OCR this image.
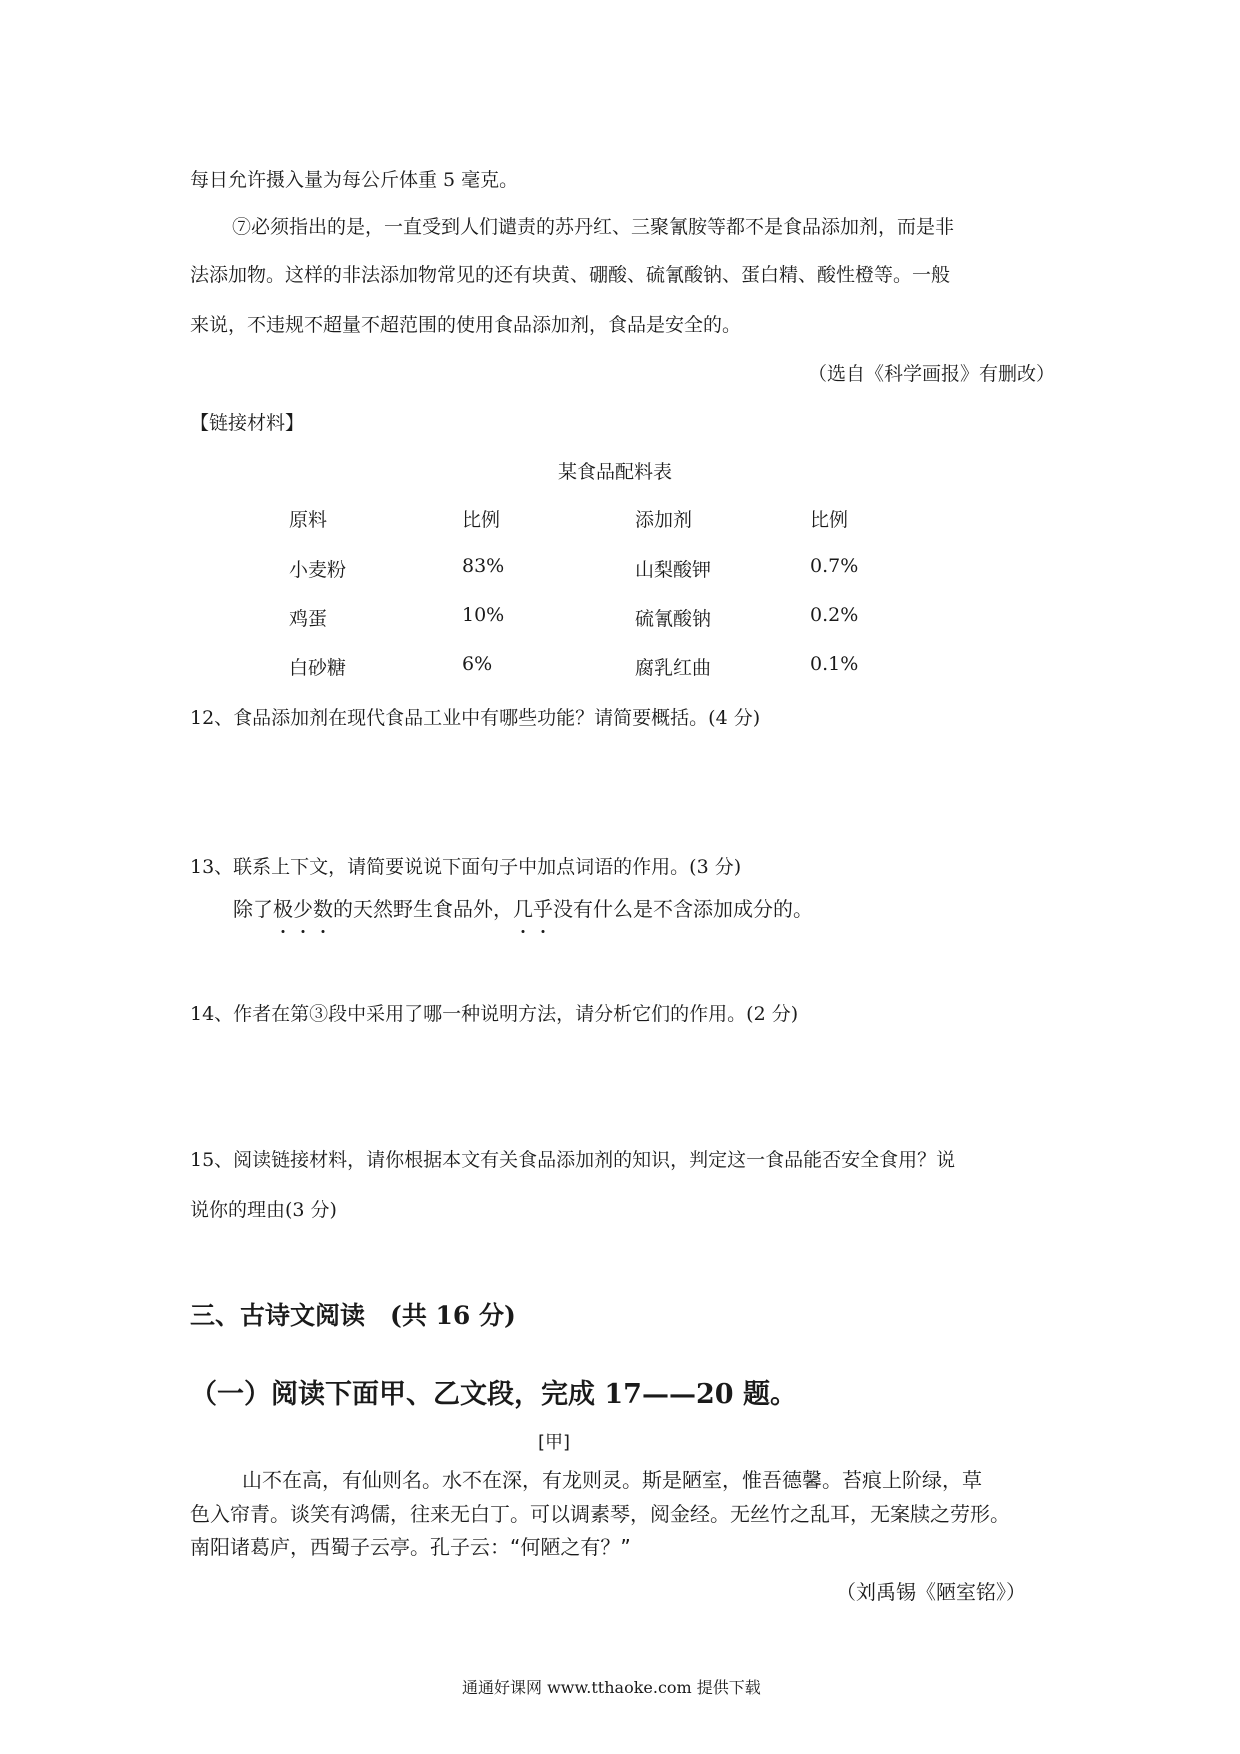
每日允许摄入量为每公斤体重 5 毫克。
⑦必须指出的是，一直受到人们谴责的苏丹红、三聚氰胺等都不是食品添加剂，而是非
法添加物。这样的非法添加物常见的还有块黄、硼酸、硫氰酸钠、蛋白精、酸性橙等。一般
来说，不违规不超量不超范围的使用食品添加剂，食品是安全的。
（选自《科学画报》有删改）
【链接材料】
某食品配料表
原料	比例	添加剂	比例
小麦粉	83%	山梨酸钾	0.7%
鸡蛋	10%	硫氰酸钠	0.2%
白砂糖	6%	腐乳红曲	0.1%
12、食品添加剂在现代食品工业中有哪些功能？请简要概括。(4 分)
13、联系上下文，请简要说说下面句子中加点词语的作用。(3 分)
除了极少数的天然野生食品外，几乎没有什么是不含添加成分的。
14、作者在第③段中采用了哪一种说明方法，请分析它们的作用。(2 分)
15、阅读链接材料，请你根据本文有关食品添加剂的知识，判定这一食品能否安全食用？说
说你的理由(3 分)
三、古诗文阅读　(共 16 分)
（一）阅读下面甲、乙文段，完成 17——20 题。
[甲]
山不在高，有仙则名。水不在深，有龙则灵。斯是陋室，惟吾德馨。苔痕上阶绿，草
色入帘青。谈笑有鸿儒，往来无白丁。可以调素琴，阅金经。无丝竹之乱耳，无案牍之劳形。
南阳诸葛庐，西蜀子云亭。孔子云：“何陋之有？”
（刘禹锡《陋室铭》）
通通好课网 www.tthaoke.com 提供下载
